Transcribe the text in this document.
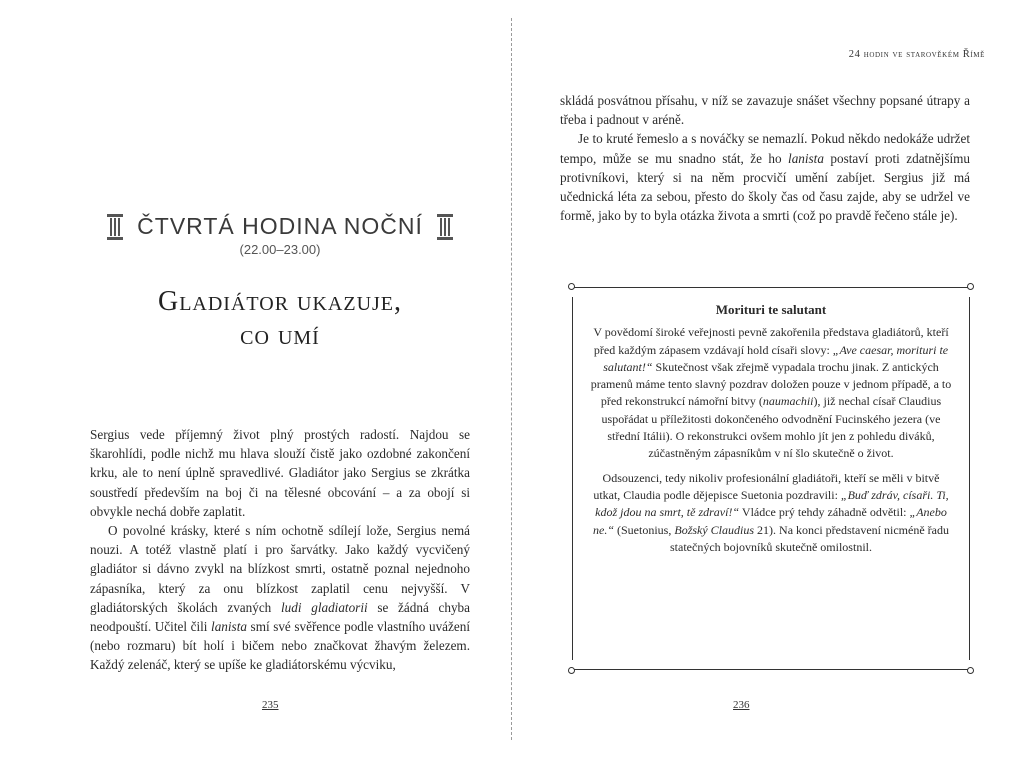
ČTVRTÁ HODINA NOČNÍ
(22.00–23.00)
Gladiátor ukazuje,
co umí

Sergius vede příjemný život plný prostých radostí. Najdou se škarohlídi, podle nichž mu hlava slouží čistě jako ozdobné zakončení krku, ale to není úplně spravedlivé. Gladiátor jako Sergius se zkrátka soustředí především na boj či na tělesné obcování – a za obojí si obvykle nechá dobře zaplatit.

O povolné krásky, které s ním ochotně sdílejí lože, Sergius nemá nouzi. A totéž vlastně platí i pro šarvátky. Jako každý vycvičený gladiátor si dávno zvykl na blízkost smrti, ostatně poznal nejednoho zápasníka, který za onu blízkost zaplatil cenu nejvyšší. V gladiátorských školách zvaných ludi gladiatorii se žádná chyba neodpouští. Učitel čili lanista smí své svěřence podle vlastního uvážení (nebo rozmaru) bít holí i bičem nebo značkovat žhavým železem. Každý zelenáč, který se upíše ke gladiátorskému výcviku,

235
24 hodin ve starověkém Římě

skládá posvátnou přísahu, v níž se zavazuje snášet všechny popsané útrapy a třeba i padnout v aréně.

Je to kruté řemeslo a s nováčky se nemazlí. Pokud někdo nedokáže udržet tempo, může se mu snadno stát, že ho lanista postaví proti zdatnějšímu protivníkovi, který si na něm procvičí umění zabíjet. Sergius již má učednická léta za sebou, přesto do školy čas od času zajde, aby se udržel ve formě, jako by to byla otázka života a smrti (což po pravdě řečeno stále je).

Morituri te salutant

V povědomí široké veřejnosti pevně zakořenila představa gladiátorů, kteří před každým zápasem vzdávají hold císaři slovy: „Ave caesar, morituri te salutant!“ Skutečnost však zřejmě vypadala trochu jinak. Z antických pramenů máme tento slavný pozdrav doložen pouze v jednom případě, a to před rekonstrukcí námořní bitvy (naumachii), již nechal císař Claudius uspořádat u příležitosti dokončeného odvodnění Fucinského jezera (ve střední Itálii). O rekonstrukci ovšem mohlo jít jen z pohledu diváků, zúčastněným zápasníkům v ní šlo skutečně o život.

Odsouzenci, tedy nikoliv profesionální gladiátoři, kteří se měli v bitvě utkat, Claudia podle dějepisce Suetonia pozdravili: „Buď zdráv, císaři. Ti, kdož jdou na smrt, tě zdraví!“ Vládce prý tehdy záhadně odvětil: „Anebo ne.“ (Suetonius, Božský Claudius 21). Na konci představení nicméně řadu statečných bojovníků skutečně omilostnil.

236
